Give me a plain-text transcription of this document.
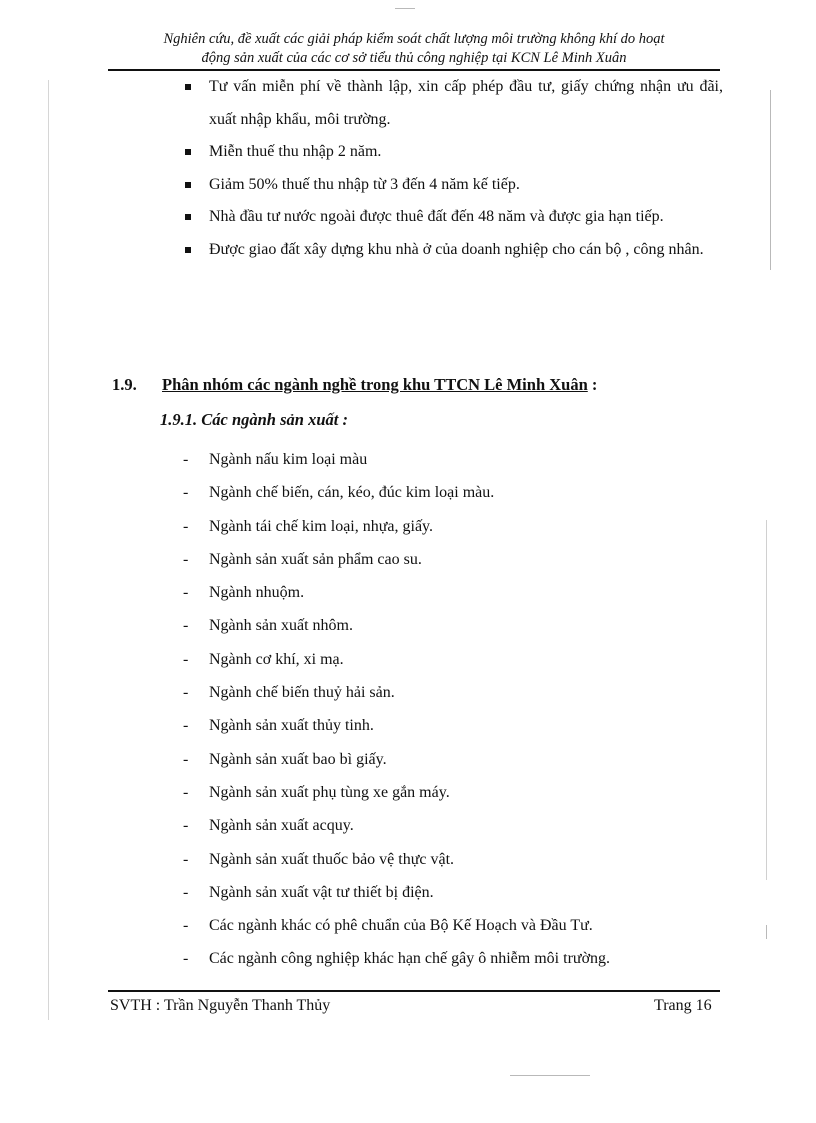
Nghiên cứu, đề xuất các giải pháp kiểm soát chất lượng môi trường không khí do hoạt
động sản xuất của các cơ sở tiểu thủ công nghiệp tại KCN Lê Minh Xuân
Tư vấn miễn phí về thành lập, xin cấp phép đầu tư, giấy chứng nhận ưu đãi, xuất nhập khẩu, môi trường.
Miễn thuế thu nhập 2 năm.
Giảm 50% thuế thu nhập từ 3 đến 4 năm kế tiếp.
Nhà đầu tư nước ngoài được thuê đất đến 48 năm và được gia hạn tiếp.
Được giao đất xây dựng khu nhà ở của doanh nghiệp cho cán bộ , công nhân.
1.9. Phân nhóm các ngành nghề trong khu TTCN Lê Minh Xuân :
1.9.1. Các ngành sản xuất :
- Ngành nấu kim loại màu
- Ngành chế biến, cán, kéo, đúc kim loại màu.
- Ngành tái chế kim loại, nhựa, giấy.
- Ngành sản xuất sản phẩm cao su.
- Ngành nhuộm.
- Ngành sản xuất nhôm.
- Ngành cơ khí, xi mạ.
- Ngành chế biến thuỷ hải sản.
- Ngành sản xuất thủy tinh.
- Ngành sản xuất bao bì giấy.
- Ngành sản xuất phụ tùng xe gắn máy.
- Ngành sản xuất acquy.
- Ngành sản xuất thuốc bảo vệ thực vật.
- Ngành sản xuất vật tư thiết bị điện.
- Các ngành khác có phê chuẩn của Bộ Kế Hoạch và Đầu Tư.
- Các ngành công nghiệp khác hạn chế gây ô nhiễm môi trường.
SVTH : Trần Nguyễn Thanh Thủy	Trang 16
